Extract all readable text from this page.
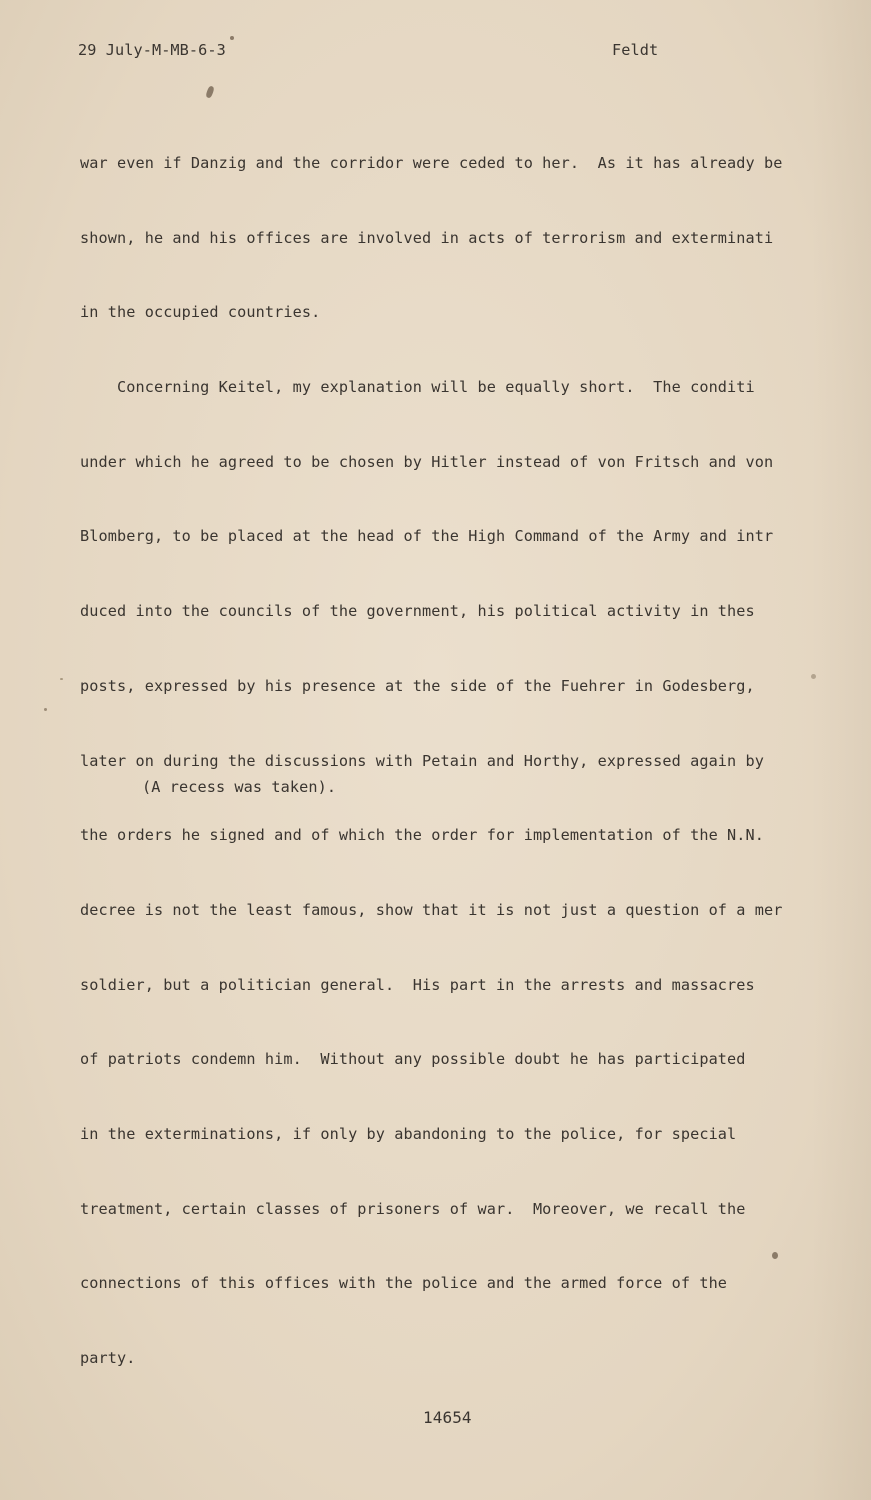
29 July-M-MB-6-3	Feldt

war even if Danzig and the corridor were ceded to her.  As it has already be

shown, he and his offices are involved in acts of terrorism and exterminati

in the occupied countries.

Concerning Keitel, my explanation will be equally short.  The conditi

under which he agreed to be chosen by Hitler instead of von Fritsch and von

Blomberg, to be placed at the head of the High Command of the Army and intr

duced into the councils of the government, his political activity in thes

posts, expressed by his presence at the side of the Fuehrer in Godesberg,

later on during the discussions with Petain and Horthy, expressed again by

the orders he signed and of which the order for implementation of the N.N.

decree is not the least famous, show that it is not just a question of a mer

soldier, but a politician general.  His part in the arrests and massacres

of patriots condemn him.  Without any possible doubt he has participated

in the exterminations, if only by abandoning to the police, for special

treatment, certain classes of prisoners of war.  Moreover, we recall the

connections of this offices with the police and the armed force of the

party.

(A recess was taken).
14654
